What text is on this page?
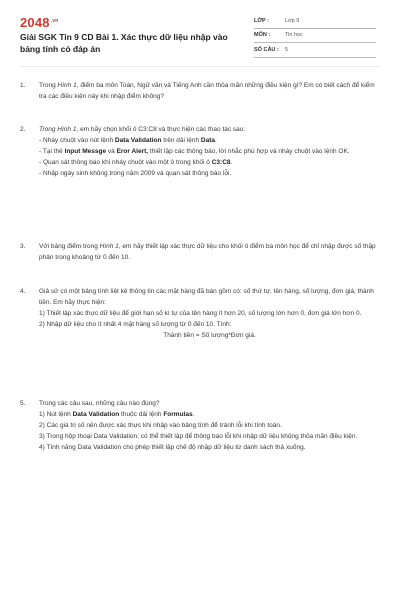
$2048^{.vn}$
Giải SGK Tin 9 CD Bài 1. Xác thực dữ liệu nhập vào bảng tính có đáp án
LỚP :	Lớp 9
MÔN :	Tin học
SỐ CÂU :	5
1. Trong Hình 1, điểm ba môn Toán, Ngữ văn và Tiếng Anh cần thỏa mãn những điều kiện gì? Em có biết cách để kiểm tra các điều kiện này khi nhập điểm không?

2. Trong Hình 1, em hãy chọn khối ô C3:C8 và thực hiện các thao tác sau:

- Nháy chuột vào nút lệnh Data Validation trên dải lệnh Data.

- Tại thẻ Input Messge và Eror Alert, thiết lập các thông báo, lời nhắc phù hợp và nháy chuột vào lệnh OK.

- Quan sát thông báo khi nháy chuột vào một ô trong khối ô C3:C8.

- Nhập ngày sinh không trong năm 2009 và quan sát thông báo lỗi.

3. Với bảng điểm trong Hình 1, em hãy thiết lập xác thực dữ liệu cho khối ô điểm ba môn học để chỉ nhập được số thập phân trong khoảng từ 0 đến 10.

4. Giả sử có một bảng tính liệt kê thông tin các mặt hàng đã bán gồm có: số thứ tự, tên hàng, số lượng, đơn giá, thành tiền. Em hãy thực hiện:

1) Thiết lập xác thực dữ liệu để giới hạn số kí tự của tên hàng ít hơn 20, số lượng lớn hơn 0, đơn giá lớn hơn 0.

2) Nhập dữ liệu cho ít nhất 4 mặt hàng số lượng từ 0 đến 10. Tính:

Thành tiền = Số lượng*Đơn giá.

5. Trong các câu sau, những câu nào đúng?

1) Nút lệnh Data Validation thuộc dải lệnh Formulas.

2) Các giá trị số nên được xác thực khi nhập vào bảng tính để tránh lỗi khi tính toán.

3) Trong hộp thoại Data Validation, có thể thiết lập để thông báo lỗi khi nhập dữ liệu không thỏa mãn điều kiện.

4) Tính năng Data Validation cho phép thiết lập chế độ nhập dữ liệu từ danh sách thả xuống.
